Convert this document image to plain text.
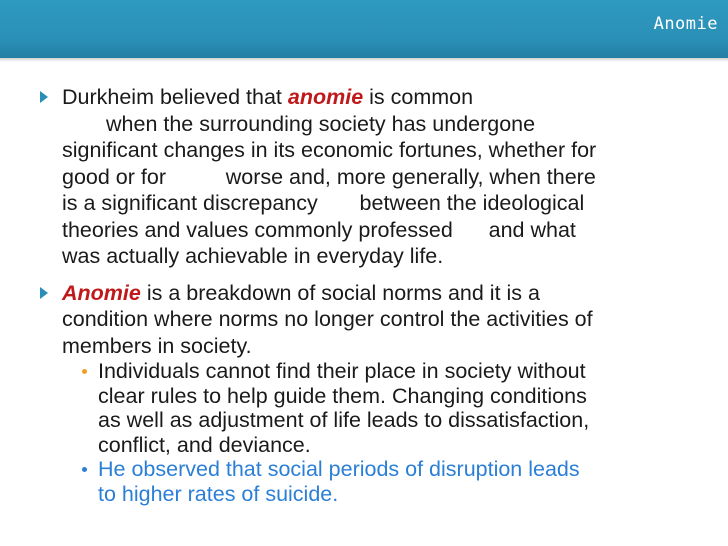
Anomie
Durkheim believed that anomie is common
when the surrounding society has undergone
significant changes in its economic fortunes, whether for
good or for          worse and, more generally, when there
is a significant discrepancy       between the ideological
theories and values commonly professed      and what
was actually achievable in everyday life.
Anomie is a breakdown of social norms and it is a
condition where norms no longer control the activities of
members in society.
Individuals cannot find their place in society without
clear rules to help guide them. Changing conditions
as well as adjustment of life leads to dissatisfaction,
conflict, and deviance.
He observed that social periods of disruption leads
to higher rates of suicide.
